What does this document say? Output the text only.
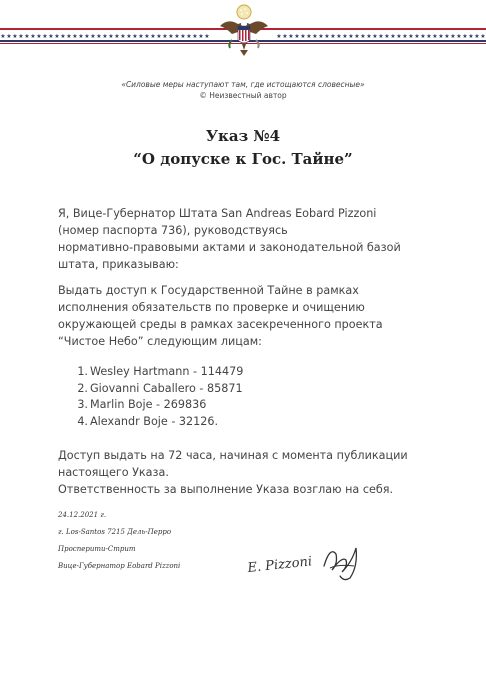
★ ★ ★ ★ ★ ★ ★ ★ ★ ★ ★ ★ ★ ★ ★ ★ ★ ★ ★ ★ ★ ★ ★ ★ ★ ★ ★ ★ ★ ★ ★ ★ ★ ★ ★	★ ★ ★ ★ ★ ★ ★ ★ ★ ★ ★ ★ ★ ★ ★ ★ ★ ★ ★ ★ ★ ★ ★ ★ ★ ★ ★ ★ ★ ★ ★ ★ ★ ★ ★
«Силовые меры наступают там, где истощаются словесные»
© Неизвестный автор
Указ №4
“О допуске к Гос. Тайне”
Я, Вице-Губернатор Штата San Andreas Eobard Pizzoni
(номер паспорта 736), руководствуясь
нормативно-правовыми актами и законодательной базой
штата, приказываю:
Выдать доступ к Государственной Тайне в рамках
исполнения обязательств по проверке и очищению
окружающей среды в рамках засекреченного проекта
“Чистое Небо” следующим лицам:
1. Wesley Hartmann - 114479
2. Giovanni Caballero - 85871
3. Marlin Boje - 269836
4. Alexandr Boje - 32126.
Доступ выдать на 72 часа, начиная с момента публикации
настоящего Указа.
Ответственность за выполнение Указа возглаю на себя.
24.12.2021 г.
г. Los-Santos 7215 Дель-Перро
Просперити-Стрит
Вице-Губернатор Eobard Pizzoni	E. Pizzoni
